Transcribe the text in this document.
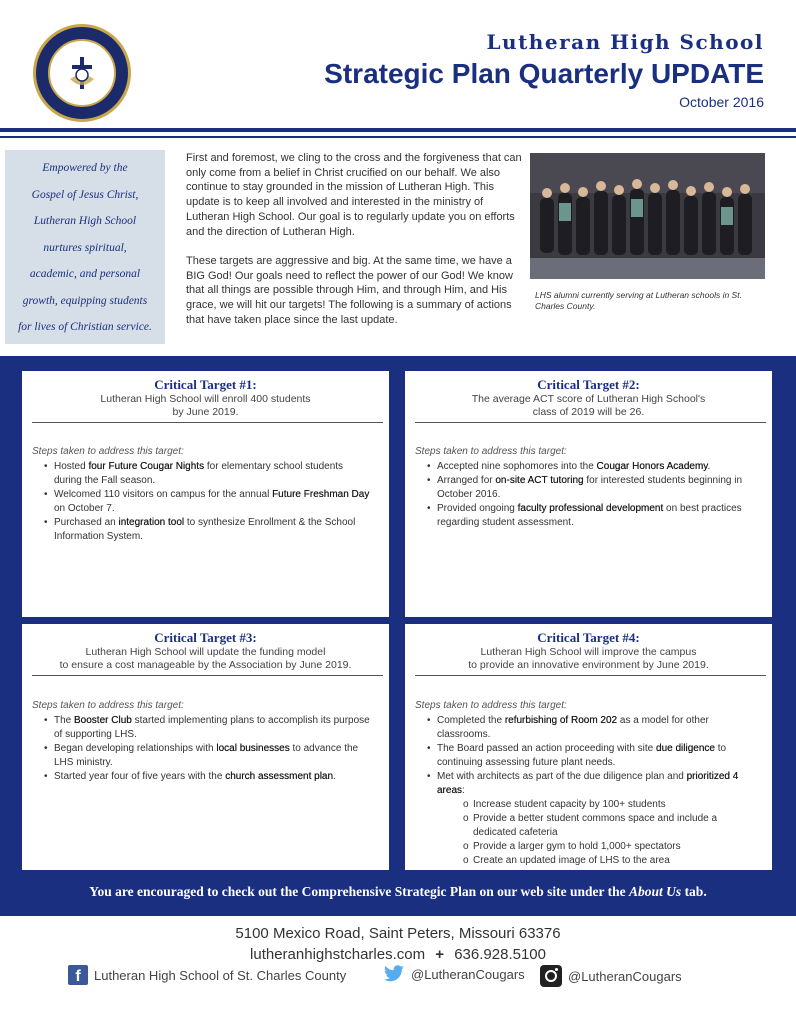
Lutheran High School
Strategic Plan Quarterly UPDATE
October 2016
Empowered by the
Gospel of Jesus Christ,
Lutheran High School
nurtures spiritual,
academic, and personal
growth, equipping students
for lives of Christian service.

First and foremost, we cling to the cross and the forgiveness that can only come from a belief in Christ crucified on our behalf. We also continue to stay grounded in the mission of Lutheran High. This update is to keep all involved and interested in the ministry of Lutheran High School. Our goal is to regularly update you on efforts and the direction of Lutheran High.

These targets are aggressive and big. At the same time, we have a BIG God! Our goals need to reflect the power of our God! We know that all things are possible through Him, and through Him, and His grace, we will hit our targets! The following is a summary of actions that have taken place since the last update.

LHS alumni currently serving at Lutheran schools in St. Charles County.
Critical Target #1:
Lutheran High School will enroll 400 students
by June 2019.
Steps taken to address this target:
• Hosted four Future Cougar Nights for elementary school students during the Fall season.
• Welcomed 110 visitors on campus for the annual Future Freshman Day on October 7.
• Purchased an integration tool to synthesize Enrollment & the School Information System.
Critical Target #2:
The average ACT score of Lutheran High School's
class of 2019 will be 26.
Steps taken to address this target:
• Accepted nine sophomores into the Cougar Honors Academy.
• Arranged for on-site ACT tutoring for interested students beginning in October 2016.
• Provided ongoing faculty professional development on best practices regarding student assessment.
Critical Target #3:
Lutheran High School will update the funding model
to ensure a cost manageable by the Association by June 2019.
Steps taken to address this target:
• The Booster Club started implementing plans to accomplish its purpose of supporting LHS.
• Began developing relationships with local businesses to advance the LHS ministry.
• Started year four of five years with the church assessment plan.
Critical Target #4:
Lutheran High School will improve the campus
to provide an innovative environment by June 2019.
Steps taken to address this target:
• Completed the refurbishing of Room 202 as a model for other classrooms.
• The Board passed an action proceeding with site due diligence to continuing assessing future plant needs.
• Met with architects as part of the due diligence plan and prioritized 4 areas:
o Increase student capacity by 100+ students
o Provide a better student commons space and include a dedicated cafeteria
o Provide a larger gym to hold 1,000+ spectators
o Create an updated image of LHS to the area
You are encouraged to check out the Comprehensive Strategic Plan on our web site under the About Us tab.
5100 Mexico Road, Saint Peters, Missouri 63376
lutheranhighstcharles.com + 636.928.5100
f	Lutheran High School of St. Charles County	@LutheranCougars	@LutheranCougars
